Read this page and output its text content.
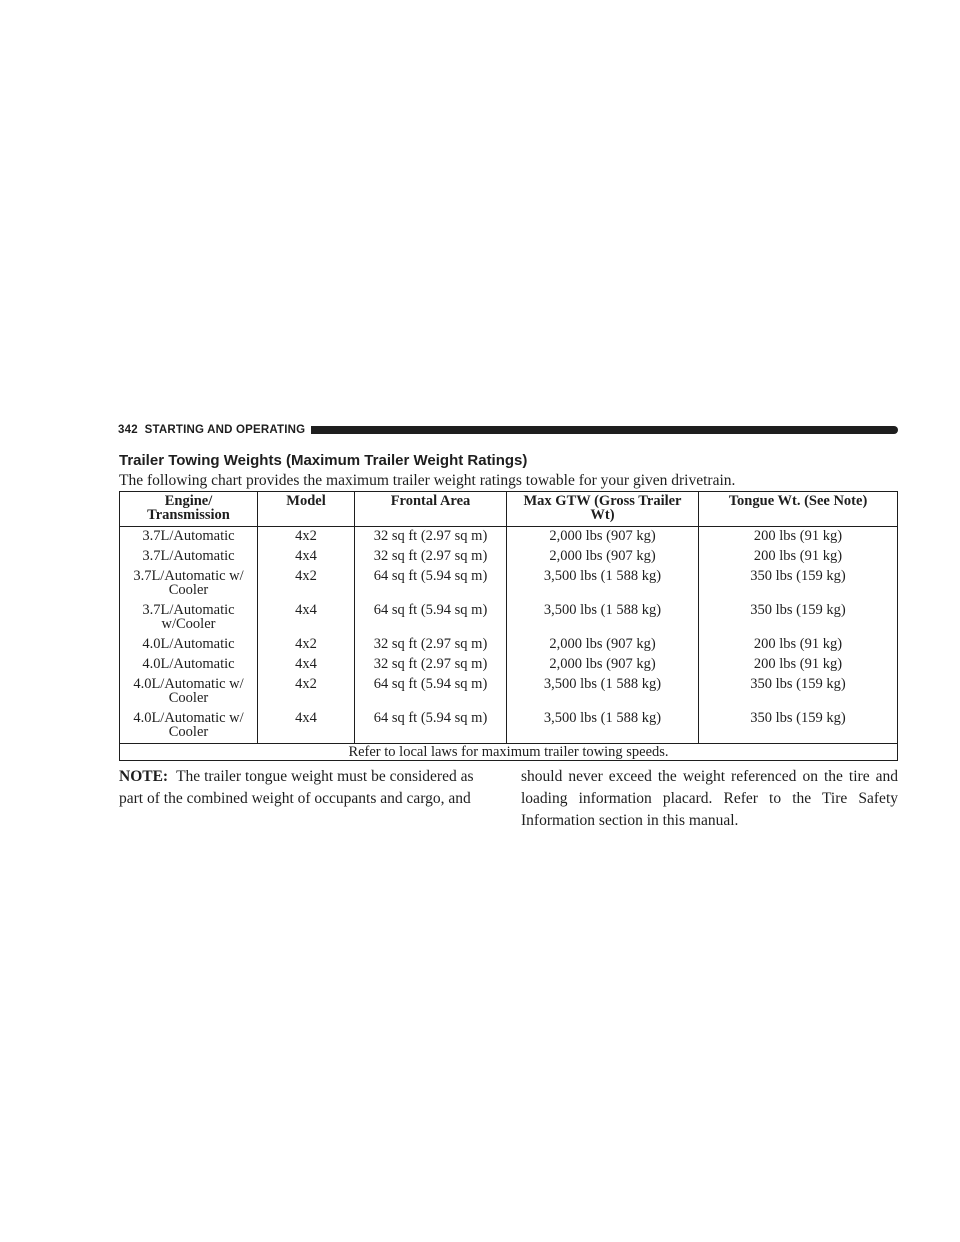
342 STARTING AND OPERATING
Trailer Towing Weights (Maximum Trailer Weight Ratings)
The following chart provides the maximum trailer weight ratings towable for your given drivetrain.
Engine/ Transmission	Model	Frontal Area	Max GTW (Gross Trailer Wt)	Tongue Wt. (See Note)
3.7L/Automatic	4x2	32 sq ft (2.97 sq m)	2,000 lbs (907 kg)	200 lbs (91 kg)
3.7L/Automatic	4x4	32 sq ft (2.97 sq m)	2,000 lbs (907 kg)	200 lbs (91 kg)
3.7L/Automatic w/ Cooler	4x2	64 sq ft (5.94 sq m)	3,500 lbs (1 588 kg)	350 lbs (159 kg)
3.7L/Automatic w/Cooler	4x4	64 sq ft (5.94 sq m)	3,500 lbs (1 588 kg)	350 lbs (159 kg)
4.0L/Automatic	4x2	32 sq ft (2.97 sq m)	2,000 lbs (907 kg)	200 lbs (91 kg)
4.0L/Automatic	4x4	32 sq ft (2.97 sq m)	2,000 lbs (907 kg)	200 lbs (91 kg)
4.0L/Automatic w/ Cooler	4x2	64 sq ft (5.94 sq m)	3,500 lbs (1 588 kg)	350 lbs (159 kg)
4.0L/Automatic w/ Cooler	4x4	64 sq ft (5.94 sq m)	3,500 lbs (1 588 kg)	350 lbs (159 kg)
Refer to local laws for maximum trailer towing speeds.				
NOTE: The trailer tongue weight must be considered as
part of the combined weight of occupants and cargo, and
should never exceed the weight referenced on the tire and loading information placard. Refer to the Tire Safety Information section in this manual.
